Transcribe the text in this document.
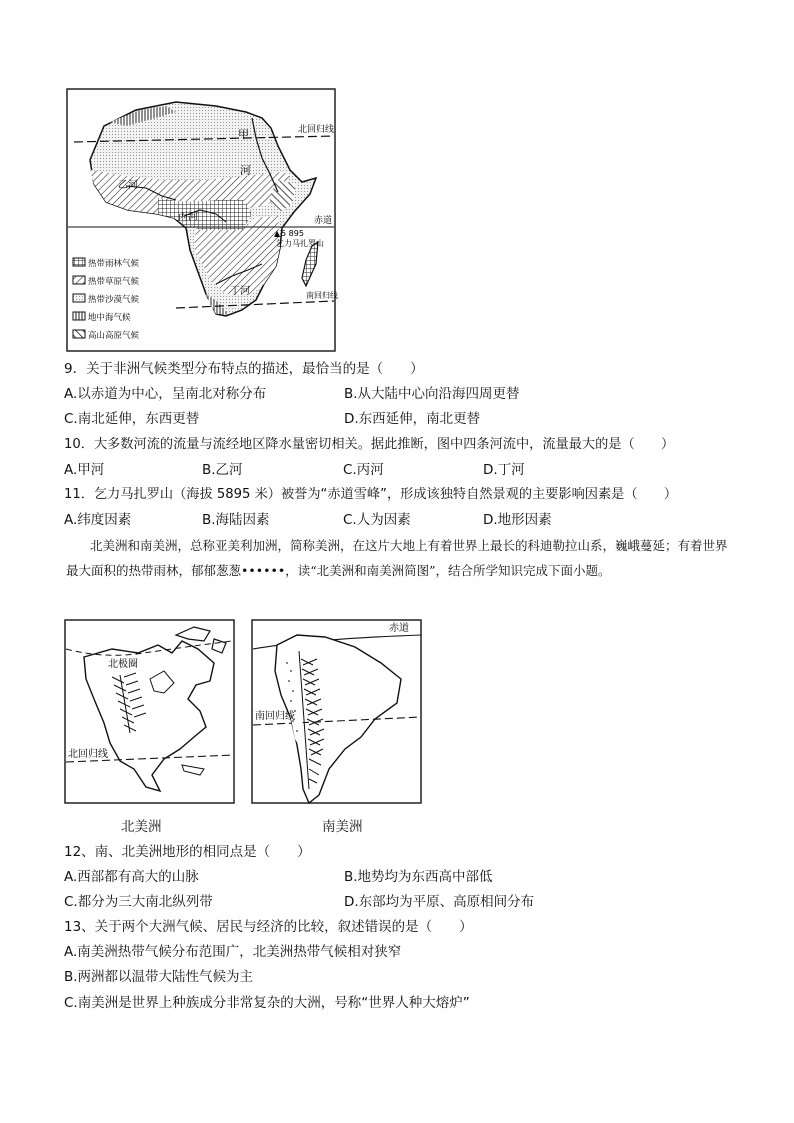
北回归线
赤道
南回归线
甲
河
乙河
丙河
丁河
▲ 5 895
乞力马扎罗山
热带雨林气候
热带草原气候
热带沙漠气候
地中海气候
高山高原气候
9．关于非洲气候类型分布特点的描述，最恰当的是（　　）
A.以赤道为中心，呈南北对称分布	B.从大陆中心向沿海四周更替
C.南北延伸，东西更替	D.东西延伸，南北更替
10．大多数河流的流量与流经地区降水量密切相关。据此推断，图中四条河流中，流量最大的是（　　）
A.甲河	B.乙河	C.丙河	D.丁河
11．乞力马扎罗山（海拔 5895 米）被誉为“赤道雪峰”，形成该独特自然景观的主要影响因素是（　　）
A.纬度因素	B.海陆因素	C.人为因素	D.地形因素
北美洲和南美洲，总称亚美利加洲，简称美洲，在这片大地上有着世界上最长的科迪勒拉山系，巍峨蔓延；有着世界最大面积的热带雨林，郁郁葱葱••••••，读“北美洲和南美洲简图”，结合所学知识完成下面小题。
北极圈
北回归线
北美洲
赤道
南回归线
南美洲
12、南、北美洲地形的相同点是（　　）
A.西部都有高大的山脉	B.地势均为东西高中部低
C.都分为三大南北纵列带	D.东部均为平原、高原相间分布
13、关于两个大洲气候、居民与经济的比较，叙述错误的是（　　）
A.南美洲热带气候分布范围广，北美洲热带气候相对狭窄
B.两洲都以温带大陆性气候为主
C.南美洲是世界上种族成分非常复杂的大洲，号称“世界人种大熔炉”
